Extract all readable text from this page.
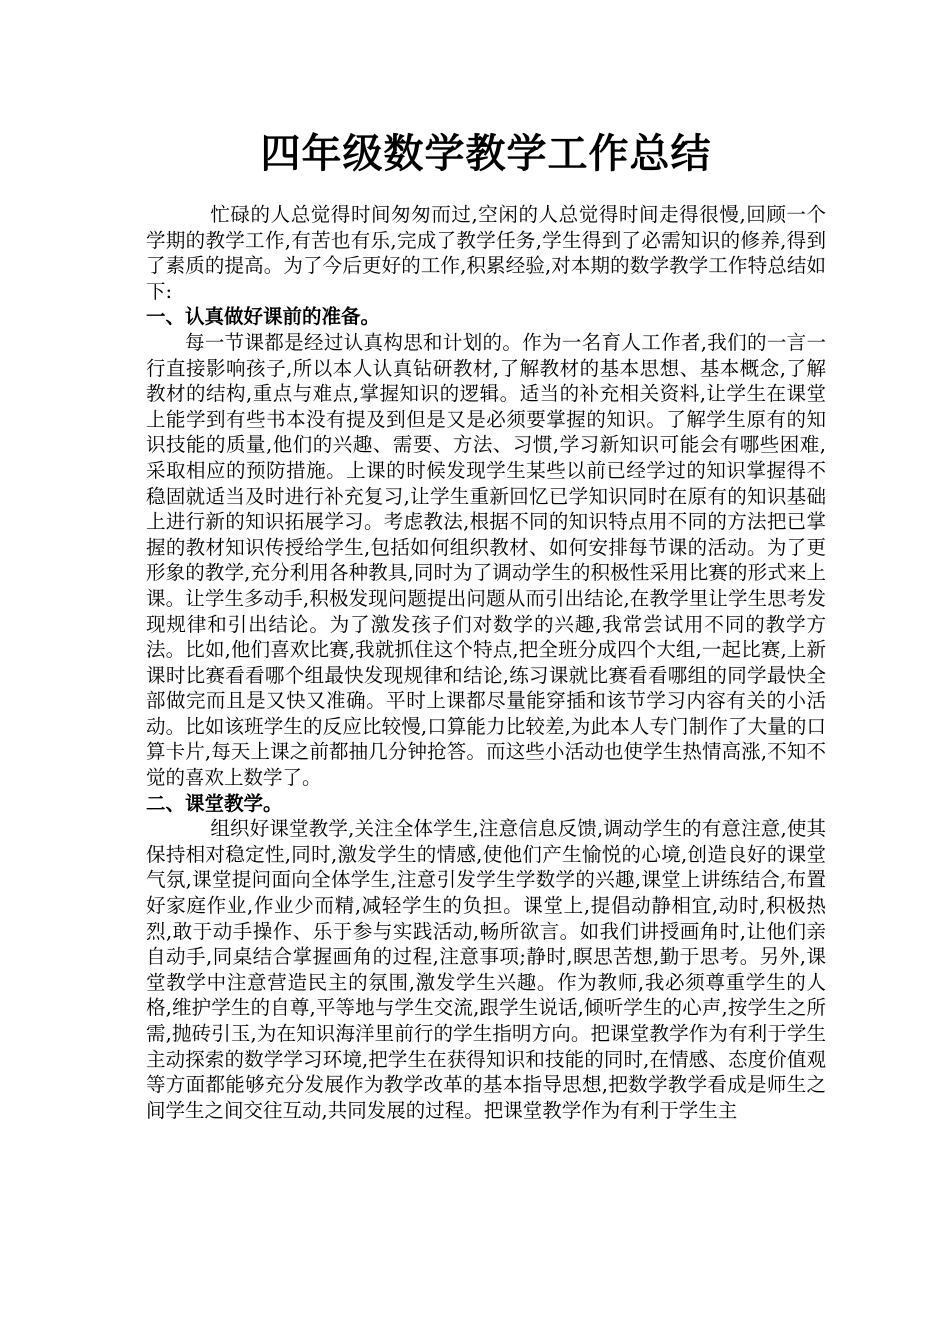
四年级数学教学工作总结

忙碌的人总觉得时间匆匆而过,空闲的人总觉得时间走得很慢,回顾一个学期的教学工作,有苦也有乐,完成了教学任务,学生得到了必需知识的修养,得到了素质的提高。为了今后更好的工作,积累经验,对本期的数学教学工作特总结如下:

一、认真做好课前的准备。

每一节课都是经过认真构思和计划的。作为一名育人工作者,我们的一言一行直接影响孩子,所以本人认真钻研教材,了解教材的基本思想、基本概念,了解教材的结构,重点与难点,掌握知识的逻辑。适当的补充相关资料,让学生在课堂上能学到有些书本没有提及到但是又是必须要掌握的知识。了解学生原有的知识技能的质量,他们的兴趣、需要、方法、习惯,学习新知识可能会有哪些困难,采取相应的预防措施。上课的时候发现学生某些以前已经学过的知识掌握得不稳固就适当及时进行补充复习,让学生重新回忆已学知识同时在原有的知识基础上进行新的知识拓展学习。考虑教法,根据不同的知识特点用不同的方法把已掌握的教材知识传授给学生,包括如何组织教材、如何安排每节课的活动。为了更形象的教学,充分利用各种教具,同时为了调动学生的积极性采用比赛的形式来上课。让学生多动手,积极发现问题提出问题从而引出结论,在教学里让学生思考发现规律和引出结论。为了激发孩子们对数学的兴趣,我常尝试用不同的教学方法。比如,他们喜欢比赛,我就抓住这个特点,把全班分成四个大组,一起比赛,上新课时比赛看看哪个组最快发现规律和结论,练习课就比赛看看哪组的同学最快全部做完而且是又快又准确。平时上课都尽量能穿插和该节学习内容有关的小活动。比如该班学生的反应比较慢,口算能力比较差,为此本人专门制作了大量的口算卡片,每天上课之前都抽几分钟抢答。而这些小活动也使学生热情高涨,不知不觉的喜欢上数学了。

二、课堂教学。

组织好课堂教学,关注全体学生,注意信息反馈,调动学生的有意注意,使其保持相对稳定性,同时,激发学生的情感,使他们产生愉悦的心境,创造良好的课堂气氛,课堂提问面向全体学生,注意引发学生学数学的兴趣,课堂上讲练结合,布置好家庭作业,作业少而精,减轻学生的负担。课堂上,提倡动静相宜,动时,积极热烈,敢于动手操作、乐于参与实践活动,畅所欲言。如我们讲授画角时,让他们亲自动手,同桌结合掌握画角的过程,注意事项;静时,瞑思苦想,勤于思考。另外,课堂教学中注意营造民主的氛围,激发学生兴趣。作为教师,我必须尊重学生的人格,维护学生的自尊,平等地与学生交流,跟学生说话,倾听学生的心声,按学生之所需,抛砖引玉,为在知识海洋里前行的学生指明方向。把课堂教学作为有利于学生主动探索的数学学习环境,把学生在获得知识和技能的同时,在情感、态度价值观等方面都能够充分发展作为教学改革的基本指导思想,把数学教学看成是师生之间学生之间交往互动,共同发展的过程。把课堂教学作为有利于学生主
